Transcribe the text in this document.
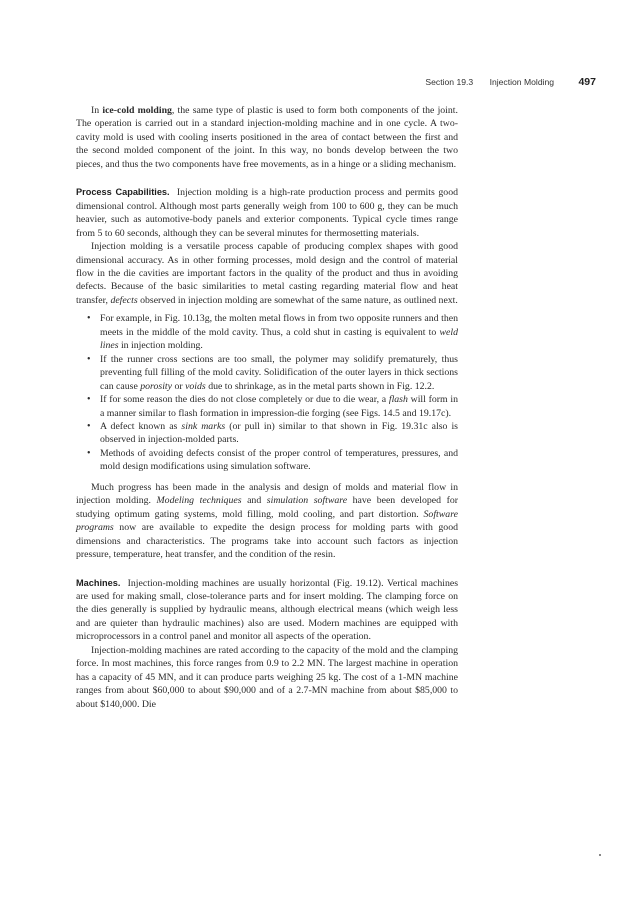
Section 19.3 Injection Molding 497

In ice-cold molding, the same type of plastic is used to form both components of the joint. The operation is carried out in a standard injection-molding machine and in one cycle. A two-cavity mold is used with cooling inserts positioned in the area of contact between the first and the second molded component of the joint. In this way, no bonds develop between the two pieces, and thus the two components have free movements, as in a hinge or a sliding mechanism.

Process Capabilities. Injection molding is a high-rate production process and permits good dimensional control. Although most parts generally weigh from 100 to 600 g, they can be much heavier, such as automotive-body panels and exterior components. Typical cycle times range from 5 to 60 seconds, although they can be several minutes for thermosetting materials.

Injection molding is a versatile process capable of producing complex shapes with good dimensional accuracy. As in other forming processes, mold design and the control of material flow in the die cavities are important factors in the quality of the product and thus in avoiding defects. Because of the basic similarities to metal casting regarding material flow and heat transfer, defects observed in injection molding are somewhat of the same nature, as outlined next.

• For example, in Fig. 10.13g, the molten metal flows in from two opposite runners and then meets in the middle of the mold cavity. Thus, a cold shut in casting is equivalent to weld lines in injection molding.
• If the runner cross sections are too small, the polymer may solidify prematurely, thus preventing full filling of the mold cavity. Solidification of the outer layers in thick sections can cause porosity or voids due to shrinkage, as in the metal parts shown in Fig. 12.2.
• If for some reason the dies do not close completely or due to die wear, a flash will form in a manner similar to flash formation in impression-die forging (see Figs. 14.5 and 19.17c).
• A defect known as sink marks (or pull in) similar to that shown in Fig. 19.31c also is observed in injection-molded parts.
• Methods of avoiding defects consist of the proper control of temperatures, pressures, and mold design modifications using simulation software.

Much progress has been made in the analysis and design of molds and material flow in injection molding. Modeling techniques and simulation software have been developed for studying optimum gating systems, mold filling, mold cooling, and part distortion. Software programs now are available to expedite the design process for molding parts with good dimensions and characteristics. The programs take into account such factors as injection pressure, temperature, heat transfer, and the condition of the resin.

Machines. Injection-molding machines are usually horizontal (Fig. 19.12). Vertical machines are used for making small, close-tolerance parts and for insert molding. The clamping force on the dies generally is supplied by hydraulic means, although electrical means (which weigh less and are quieter than hydraulic machines) also are used. Modern machines are equipped with microprocessors in a control panel and monitor all aspects of the operation.

Injection-molding machines are rated according to the capacity of the mold and the clamping force. In most machines, this force ranges from 0.9 to 2.2 MN. The largest machine in operation has a capacity of 45 MN, and it can produce parts weighing 25 kg. The cost of a 1-MN machine ranges from about $60,000 to about $90,000 and of a 2.7-MN machine from about $85,000 to about $140,000. Die
